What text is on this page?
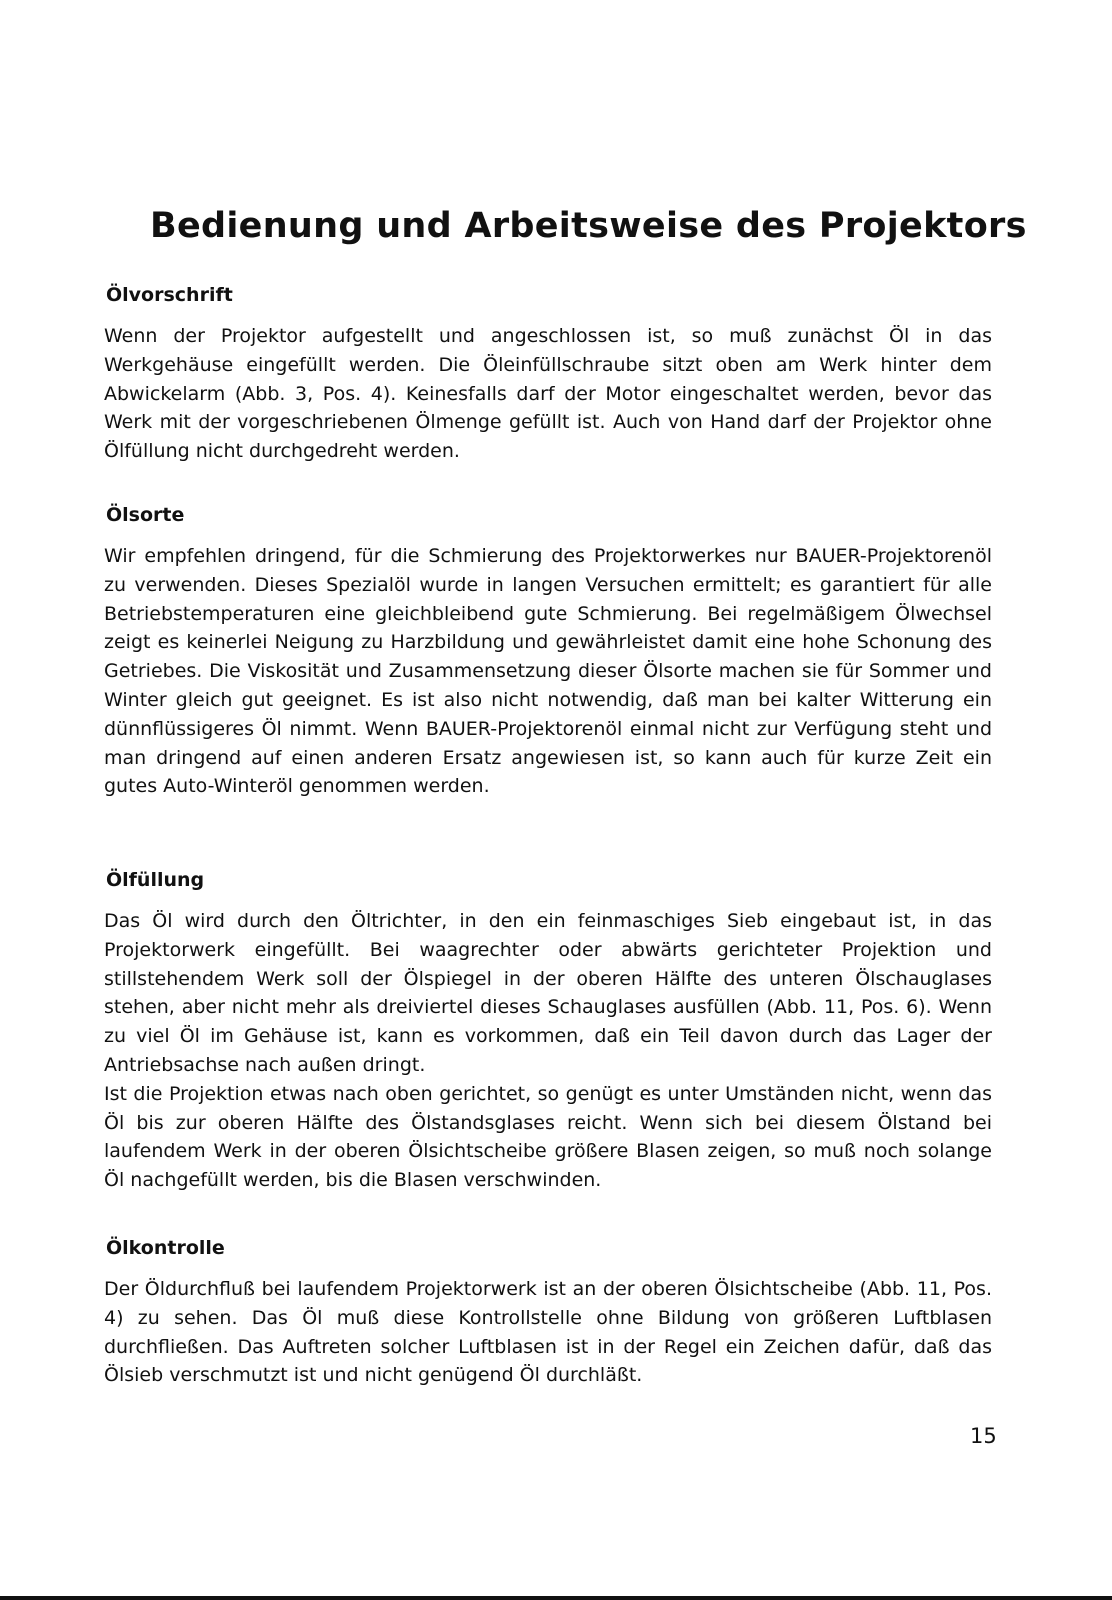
Bedienung und Arbeitsweise des Projektors
Ölvorschrift

Wenn der Projektor aufgestellt und angeschlossen ist, so muß zunächst Öl in das Werkgehäuse eingefüllt werden. Die Öleinfüllschraube sitzt oben am Werk hinter dem Abwickelarm (Abb. 3, Pos. 4). Keinesfalls darf der Motor eingeschaltet werden, bevor das Werk mit der vorgeschriebenen Ölmenge gefüllt ist. Auch von Hand darf der Projektor ohne Ölfüllung nicht durchgedreht werden.

Ölsorte

Wir empfehlen dringend, für die Schmierung des Projektorwerkes nur BAUER-Projektorenöl zu verwenden. Dieses Spezialöl wurde in langen Versuchen ermittelt; es garantiert für alle Betriebstemperaturen eine gleichbleibend gute Schmierung. Bei regelmäßigem Ölwechsel zeigt es keinerlei Neigung zu Harzbildung und gewährleistet damit eine hohe Schonung des Getriebes. Die Viskosität und Zusammensetzung dieser Ölsorte machen sie für Sommer und Winter gleich gut geeignet. Es ist also nicht notwendig, daß man bei kalter Witterung ein dünnflüssigeres Öl nimmt. Wenn BAUER-Projektorenöl einmal nicht zur Verfügung steht und man dringend auf einen anderen Ersatz angewiesen ist, so kann auch für kurze Zeit ein gutes Auto-Winteröl genommen werden.

Ölfüllung

Das Öl wird durch den Öltrichter, in den ein feinmaschiges Sieb eingebaut ist, in das Projektorwerk eingefüllt. Bei waagrechter oder abwärts gerichteter Projektion und stillstehendem Werk soll der Ölspiegel in der oberen Hälfte des unteren Ölschauglases stehen, aber nicht mehr als dreiviertel dieses Schauglases ausfüllen (Abb. 11, Pos. 6). Wenn zu viel Öl im Gehäuse ist, kann es vorkommen, daß ein Teil davon durch das Lager der Antriebsachse nach außen dringt.

Ist die Projektion etwas nach oben gerichtet, so genügt es unter Umständen nicht, wenn das Öl bis zur oberen Hälfte des Ölstandsglases reicht. Wenn sich bei diesem Ölstand bei laufendem Werk in der oberen Ölsichtscheibe größere Blasen zeigen, so muß noch solange Öl nachgefüllt werden, bis die Blasen verschwinden.

Ölkontrolle

Der Öldurchfluß bei laufendem Projektorwerk ist an der oberen Ölsichtscheibe (Abb. 11, Pos. 4) zu sehen. Das Öl muß diese Kontrollstelle ohne Bildung von größeren Luftblasen durchfließen. Das Auftreten solcher Luftblasen ist in der Regel ein Zeichen dafür, daß das Ölsieb verschmutzt ist und nicht genügend Öl durchläßt.

15
